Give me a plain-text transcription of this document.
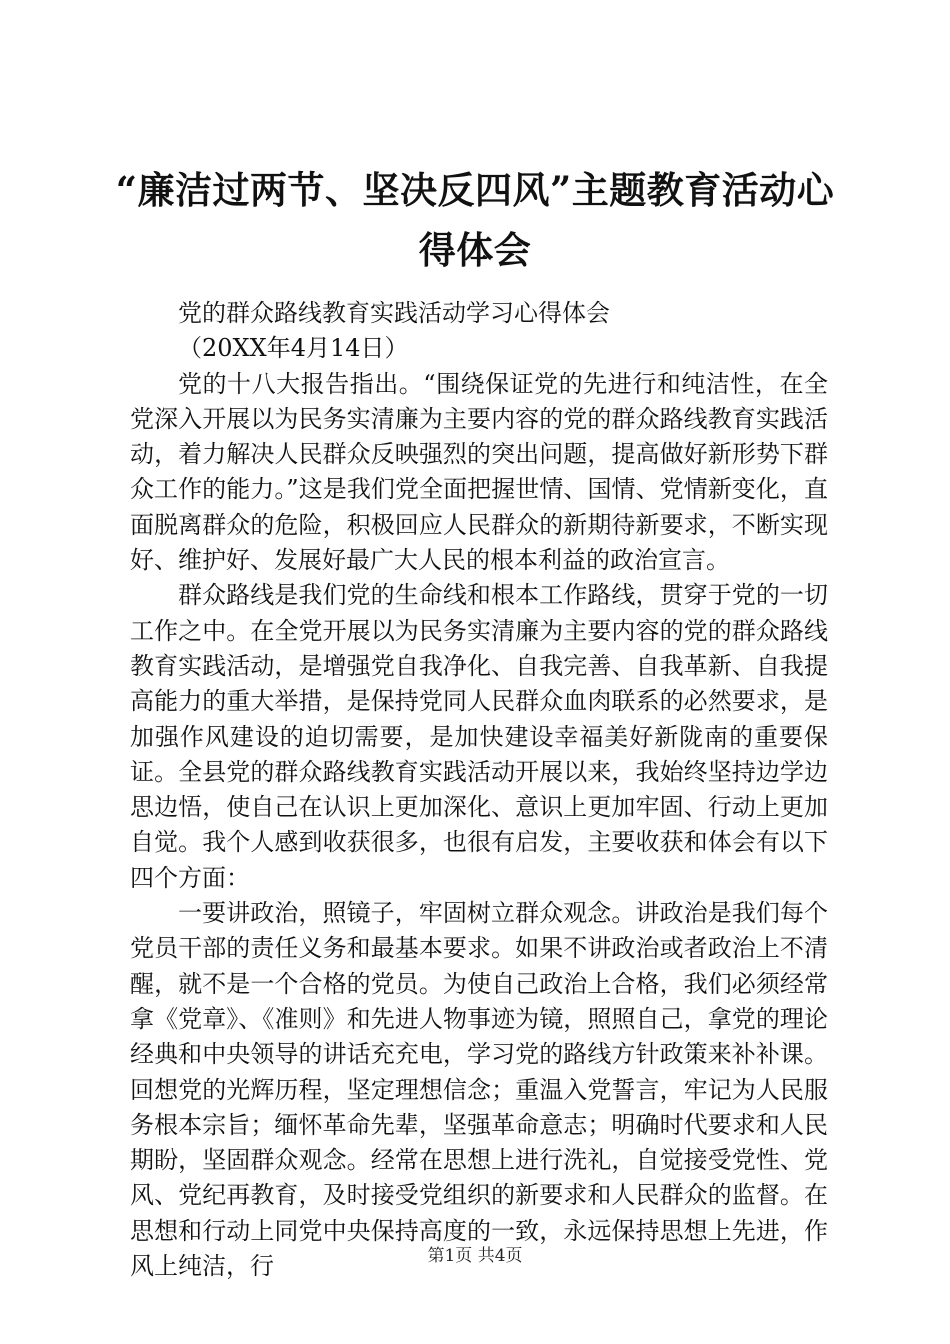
“廉洁过两节、坚决反四风”主题教育活动心得体会

党的群众路线教育实践活动学习心得体会

（20XX年4月14日）

党的十八大报告指出。“围绕保证党的先进行和纯洁性，在全党深入开展以为民务实清廉为主要内容的党的群众路线教育实践活动，着力解决人民群众反映强烈的突出问题，提高做好新形势下群众工作的能力。”这是我们党全面把握世情、国情、党情新变化，直面脱离群众的危险，积极回应人民群众的新期待新要求，不断实现好、维护好、发展好最广大人民的根本利益的政治宣言。

群众路线是我们党的生命线和根本工作路线，贯穿于党的一切工作之中。在全党开展以为民务实清廉为主要内容的党的群众路线教育实践活动，是增强党自我净化、自我完善、自我革新、自我提高能力的重大举措，是保持党同人民群众血肉联系的必然要求，是加强作风建设的迫切需要，是加快建设幸福美好新陇南的重要保证。全县党的群众路线教育实践活动开展以来，我始终坚持边学边思边悟，使自己在认识上更加深化、意识上更加牢固、行动上更加自觉。我个人感到收获很多，也很有启发，主要收获和体会有以下四个方面：

一要讲政治，照镜子，牢固树立群众观念。讲政治是我们每个党员干部的责任义务和最基本要求。如果不讲政治或者政治上不清醒，就不是一个合格的党员。为使自己政治上合格，我们必须经常拿《党章》、《准则》和先进人物事迹为镜，照照自己，拿党的理论经典和中央领导的讲话充充电，学习党的路线方针政策来补补课。回想党的光辉历程，坚定理想信念；重温入党誓言，牢记为人民服务根本宗旨；缅怀革命先辈，坚强革命意志；明确时代要求和人民期盼，坚固群众观念。经常在思想上进行洗礼，自觉接受党性、党风、党纪再教育，及时接受党组织的新要求和人民群众的监督。在思想和行动上同党中央保持高度的一致，永远保持思想上先进，作风上纯洁，行	第1页 共4页
